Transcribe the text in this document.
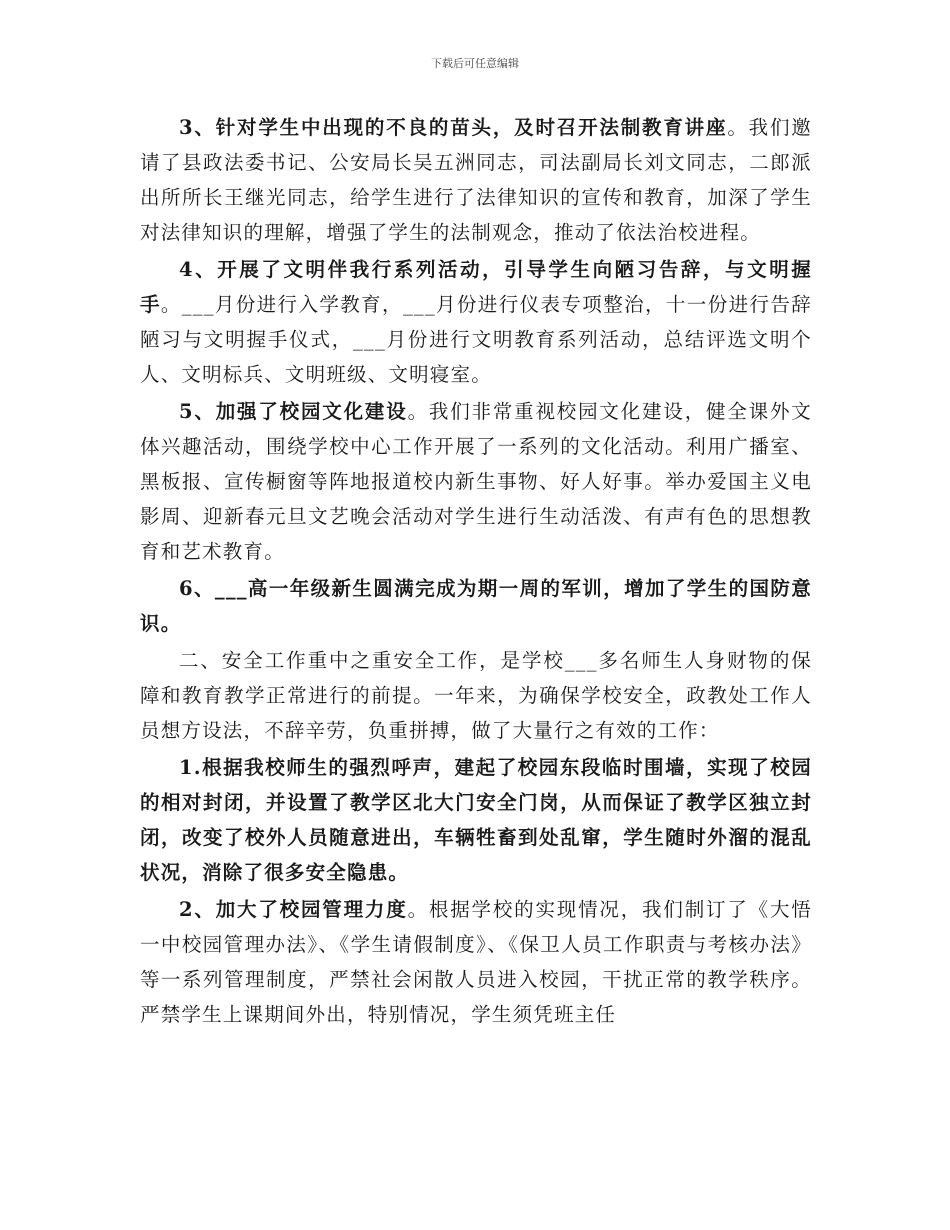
下载后可任意编辑

3、针对学生中出现的不良的苗头，及时召开法制教育讲座。我们邀请了县政法委书记、公安局长吴五洲同志，司法副局长刘文同志，二郎派出所所长王继光同志，给学生进行了法律知识的宣传和教育，加深了学生对法律知识的理解，增强了学生的法制观念，推动了依法治校进程。

4、开展了文明伴我行系列活动，引导学生向陋习告辞，与文明握手。___月份进行入学教育，___月份进行仪表专项整治，十一份进行告辞陋习与文明握手仪式，___月份进行文明教育系列活动，总结评选文明个人、文明标兵、文明班级、文明寝室。

5、加强了校园文化建设。我们非常重视校园文化建设，健全课外文体兴趣活动，围绕学校中心工作开展了一系列的文化活动。利用广播室、黑板报、宣传橱窗等阵地报道校内新生事物、好人好事。举办爱国主义电影周、迎新春元旦文艺晚会活动对学生进行生动活泼、有声有色的思想教育和艺术教育。

6、___高一年级新生圆满完成为期一周的军训，增加了学生的国防意识。

二、安全工作重中之重安全工作，是学校___多名师生人身财物的保障和教育教学正常进行的前提。一年来，为确保学校安全，政教处工作人员想方设法，不辞辛劳，负重拼搏，做了大量行之有效的工作：

1.根据我校师生的强烈呼声，建起了校园东段临时围墙，实现了校园的相对封闭，并设置了教学区北大门安全门岗，从而保证了教学区独立封闭，改变了校外人员随意进出，车辆牲畜到处乱窜，学生随时外溜的混乱状况，消除了很多安全隐患。

2、加大了校园管理力度。根据学校的实现情况，我们制订了《大悟一中校园管理办法》、《学生请假制度》、《保卫人员工作职责与考核办法》等一系列管理制度，严禁社会闲散人员进入校园，干扰正常的教学秩序。严禁学生上课期间外出，特别情况，学生须凭班主任
